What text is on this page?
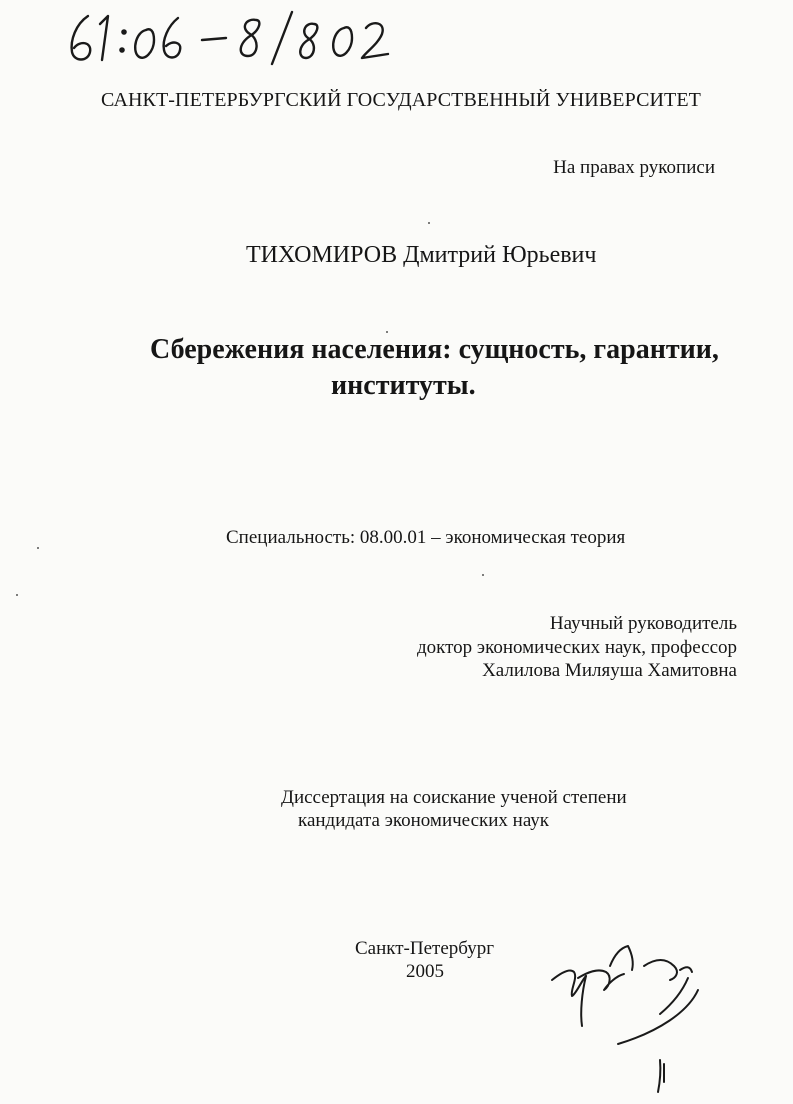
САНКТ-ПЕТЕРБУРГСКИЙ ГОСУДАРСТВЕННЫЙ УНИВЕРСИТЕТ
На правах рукописи
ТИХОМИРОВ Дмитрий Юрьевич
Сбережения населения: сущность, гарантии,
институты.
Специальность: 08.00.01 – экономическая теория
Научный руководитель
доктор экономических наук, профессор
Халилова Миляуша Хамитовна
Диссертация на соискание ученой степени
кандидата экономических наук
Санкт-Петербург
2005
